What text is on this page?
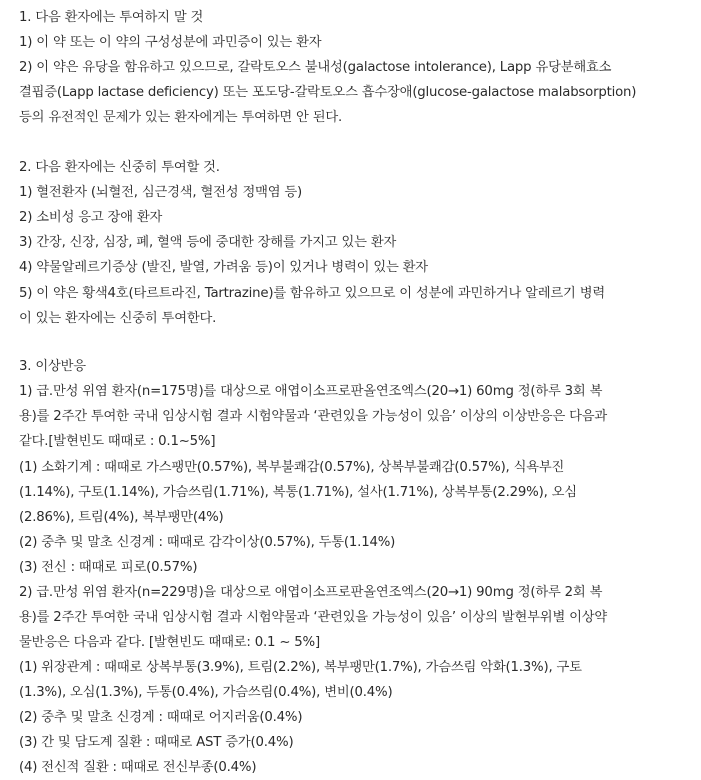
1. 다음 환자에는 투여하지 말 것
1) 이 약 또는 이 약의 구성성분에 과민증이 있는 환자
2) 이 약은 유당을 함유하고 있으므로, 갈락토오스 불내성(galactose intolerance), Lapp 유당분해효소
결핍증(Lapp lactase deficiency) 또는 포도당-갈락토오스 흡수장애(glucose-galactose malabsorption)
등의 유전적인 문제가 있는 환자에게는 투여하면 안 된다.
2. 다음 환자에는 신중히 투여할 것.
1) 혈전환자 (뇌혈전, 심근경색, 혈전성 정맥염 등)
2) 소비성 응고 장애 환자
3) 간장, 신장, 심장, 폐, 혈액 등에 중대한 장해를 가지고 있는 환자
4) 약물알레르기증상 (발진, 발열, 가려움 등)이 있거나 병력이 있는 환자
5) 이 약은 황색4호(타르트라진, Tartrazine)를 함유하고 있으므로 이 성분에 과민하거나 알레르기 병력
이 있는 환자에는 신중히 투여한다.
3. 이상반응
1) 급.만성 위염 환자(n=175명)를 대상으로 애엽이소프로판올연조엑스(20→1) 60mg 정(하루 3회 복
용)를 2주간 투여한 국내 임상시험 결과 시험약물과 ‘관련있을 가능성이 있음’ 이상의 이상반응은 다음과
같다.[발현빈도 때때로 : 0.1~5%]
(1) 소화기계 : 때때로 가스팽만(0.57%), 복부불쾌감(0.57%), 상복부불쾌감(0.57%), 식욕부진
(1.14%), 구토(1.14%), 가슴쓰림(1.71%), 복통(1.71%), 설사(1.71%), 상복부통(2.29%), 오심
(2.86%), 트림(4%), 복부팽만(4%)
(2) 중추 및 말초 신경계 : 때때로 감각이상(0.57%), 두통(1.14%)
(3) 전신 : 때때로 피로(0.57%)
2) 급.만성 위염 환자(n=229명)을 대상으로 애엽이소프로판올연조엑스(20→1) 90mg 정(하루 2회 복
용)를 2주간 투여한 국내 임상시험 결과 시험약물과 ‘관련있을 가능성이 있음’ 이상의 발현부위별 이상약
물반응은 다음과 같다. [발현빈도 때때로: 0.1 ~ 5%]
(1) 위장관계 : 때때로 상복부통(3.9%), 트림(2.2%), 복부팽만(1.7%), 가슴쓰림 악화(1.3%), 구토
(1.3%), 오심(1.3%), 두통(0.4%), 가슴쓰림(0.4%), 변비(0.4%)
(2) 중추 및 말초 신경계 : 때때로 어지러움(0.4%)
(3) 간 및 담도계 질환 : 때때로 AST 증가(0.4%)
(4) 전신적 질환 : 때때로 전신부종(0.4%)
